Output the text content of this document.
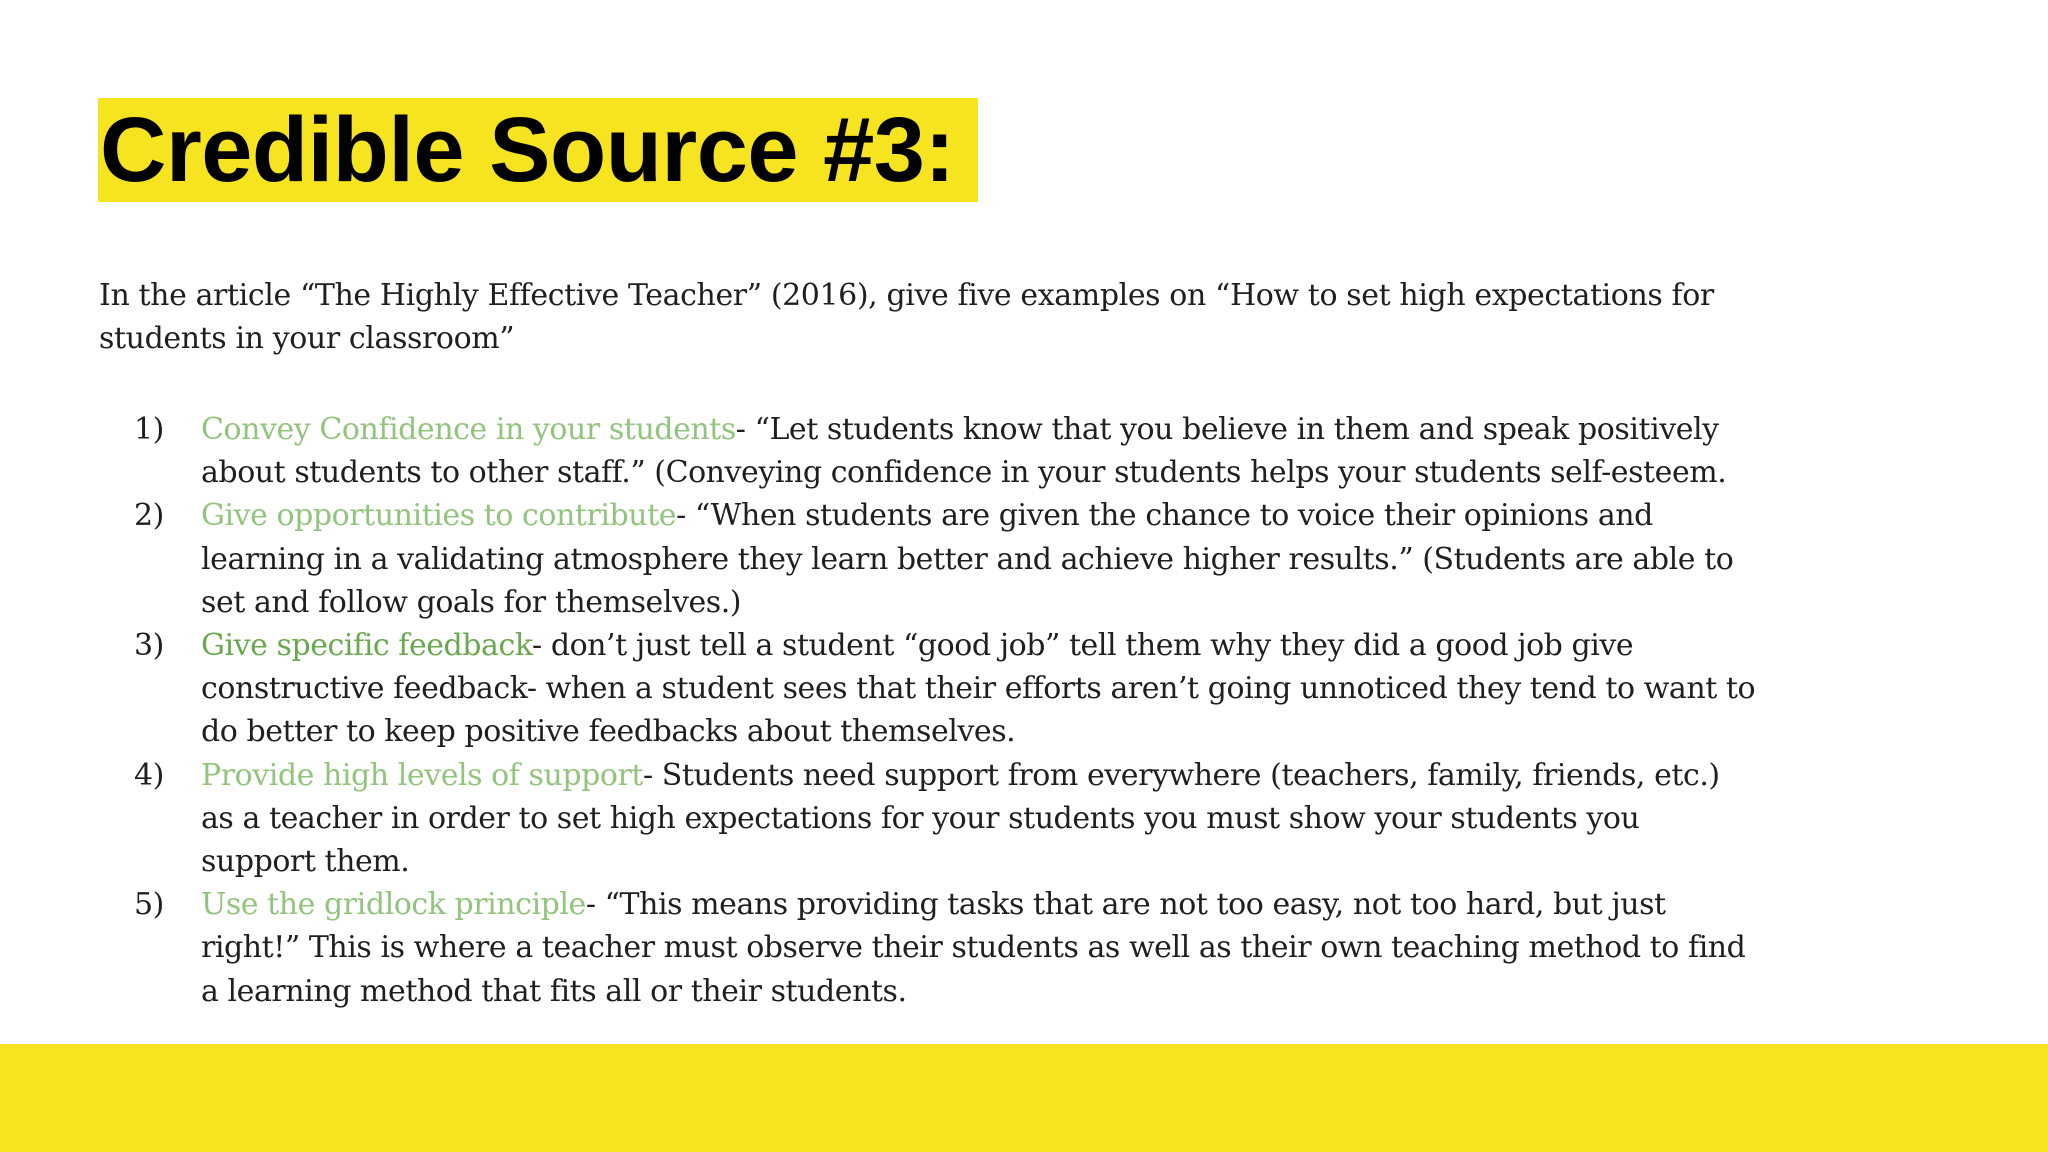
Credible Source #3:
In the article “The Highly Effective Teacher” (2016), give five examples on “How to set high expectations for students in your classroom”
1) Convey Confidence in your students- “Let students know that you believe in them and speak positively about students to other staff.” (Conveying confidence in your students helps your students self-esteem.
2) Give opportunities to contribute- “When students are given the chance to voice their opinions and learning in a validating atmosphere they learn better and achieve higher results.” (Students are able to set and follow goals for themselves.)
3) Give specific feedback- don’t just tell a student “good job” tell them why they did a good job give constructive feedback- when a student sees that their efforts aren’t going unnoticed they tend to want to do better to keep positive feedbacks about themselves.
4) Provide high levels of support- Students need support from everywhere (teachers, family, friends, etc.) as a teacher in order to set high expectations for your students you must show your students you support them.
5) Use the gridlock principle- “This means providing tasks that are not too easy, not too hard, but just right!” This is where a teacher must observe their students as well as their own teaching method to find a learning method that fits all or their students.
